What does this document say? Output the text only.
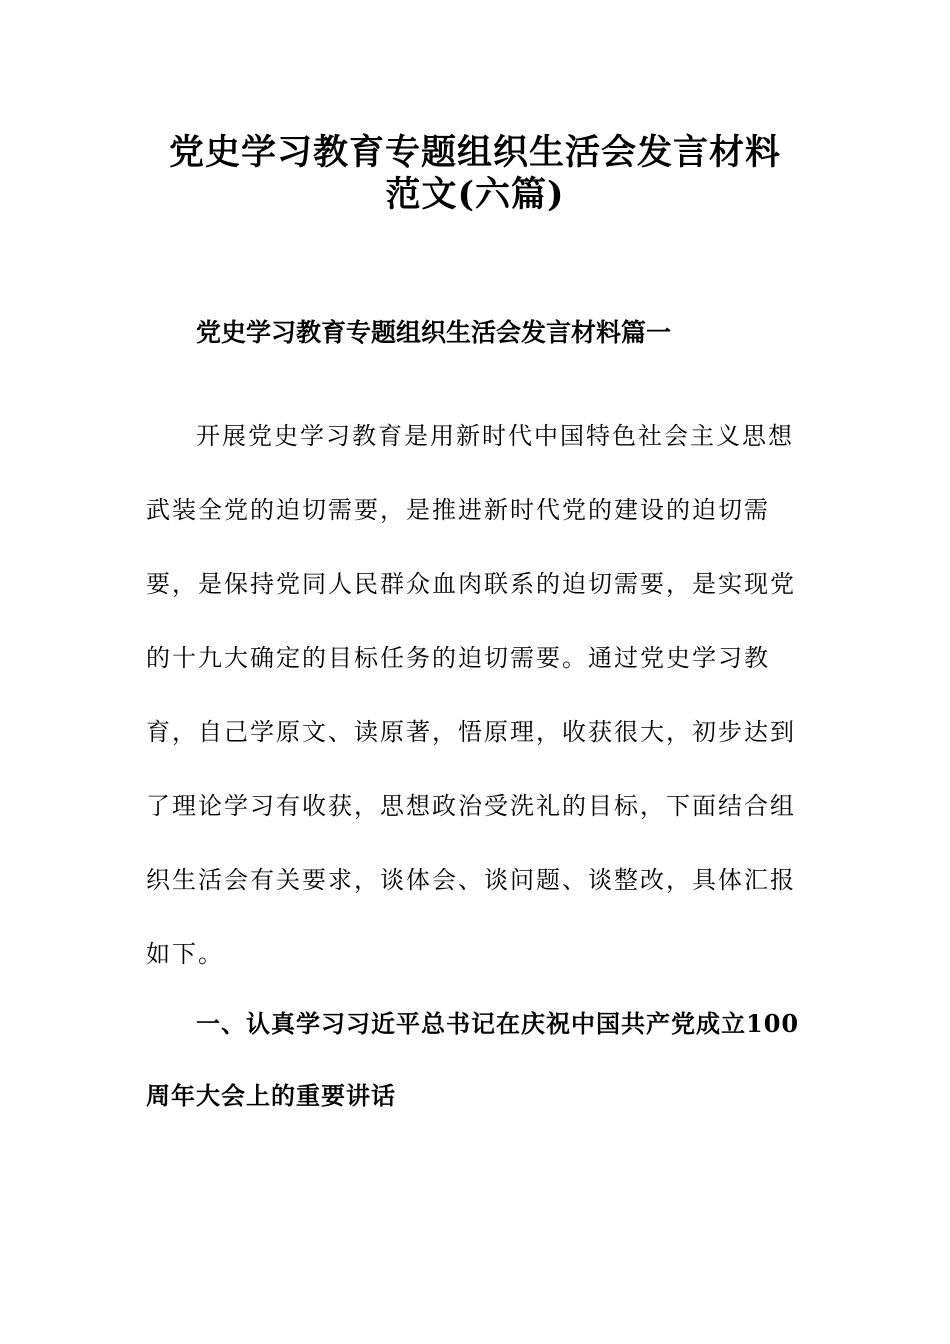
党史学习教育专题组织生活会发言材料
范文(六篇)
党史学习教育专题组织生活会发言材料篇一
开展党史学习教育是用新时代中国特色社会主义思想
武装全党的迫切需要，是推进新时代党的建设的迫切需
要，是保持党同人民群众血肉联系的迫切需要，是实现党
的十九大确定的目标任务的迫切需要。通过党史学习教
育，自己学原文、读原著，悟原理，收获很大，初步达到
了理论学习有收获，思想政治受洗礼的目标，下面结合组
织生活会有关要求，谈体会、谈问题、谈整改，具体汇报
如下。
一、认真学习习近平总书记在庆祝中国共产党成立100
周年大会上的重要讲话
